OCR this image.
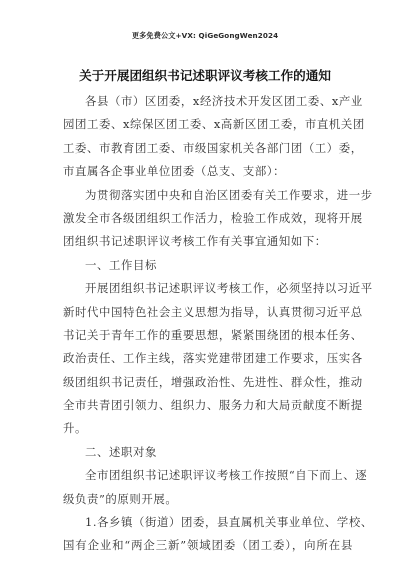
更多免费公文+VX: QiGeGongWen2024
关于开展团组织书记述职评议考核工作的通知
各县（市）区团委，x经济技术开发区团工委、x产业
园团工委、x综保区团工委、x高新区团工委，市直机关团
工委、市教育团工委、市级国家机关各部门团（工）委，
市直属各企事业单位团委（总支、支部）：
为贯彻落实团中央和自治区团委有关工作要求，进一步
激发全市各级团组织工作活力，检验工作成效，现将开展
团组织书记述职评议考核工作有关事宜通知如下：
一、工作目标
开展团组织书记述职评议考核工作，必须坚持以习近平
新时代中国特色社会主义思想为指导，认真贯彻习近平总
书记关于青年工作的重要思想，紧紧围绕团的根本任务、
政治责任、工作主线，落实党建带团建工作要求，压实各
级团组织书记责任，增强政治性、先进性、群众性，推动
全市共青团引领力、组织力、服务力和大局贡献度不断提
升。
二、述职对象
全市团组织书记述职评议考核工作按照“自下而上、逐
级负责”的原则开展。
1.各乡镇（街道）团委，县直属机关事业单位、学校、
国有企业和“两企三新”领域团委（团工委），向所在县
